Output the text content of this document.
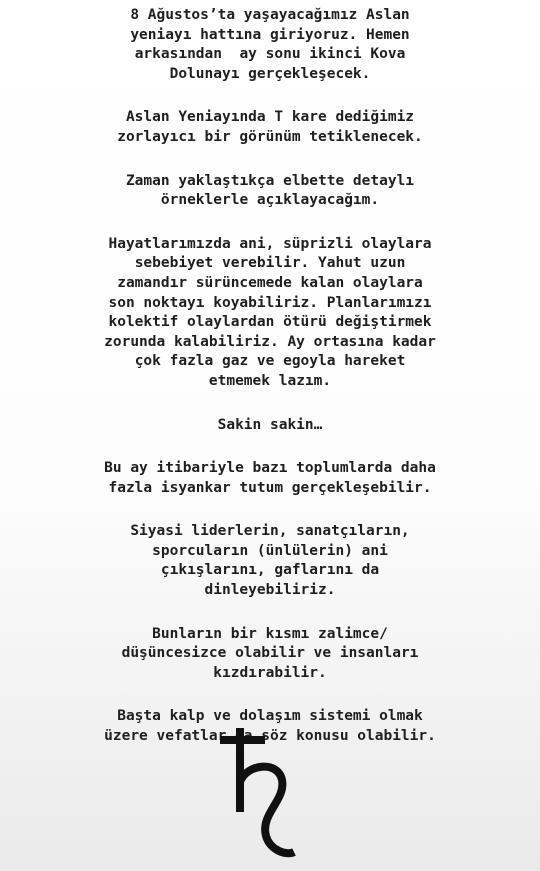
8 Ağustos’ta yaşayacağımız Aslan
yeniayı hattına giriyoruz. Hemen
arkasından  ay sonu ikinci Kova
Dolunayı gerçekleşecek.

Aslan Yeniayında T kare dediğimiz
zorlayıcı bir görünüm tetiklenecek.

Zaman yaklaştıkça elbette detaylı
örneklerle açıklayacağım.

Hayatlarımızda ani, süprizli olaylara
sebebiyet verebilir. Yahut uzun
zamandır sürüncemede kalan olaylara
son noktayı koyabiliriz. Planlarımızı
kolektif olaylardan ötürü değiştirmek
zorunda kalabiliriz. Ay ortasına kadar
çok fazla gaz ve egoyla hareket
etmemek lazım.

Sakin sakin…

Bu ay itibariyle bazı toplumlarda daha
fazla isyankar tutum gerçekleşebilir.

Siyasi liderlerin, sanatçıların,
sporcuların (ünlülerin) ani
çıkışlarını, gaflarını da
dinleyebiliriz.

Bunların bir kısmı zalimce/
düşüncesizce olabilir ve insanları
kızdırabilir.

Başta kalp ve dolaşım sistemi olmak
üzere vefatlar da söz konusu olabilir.
